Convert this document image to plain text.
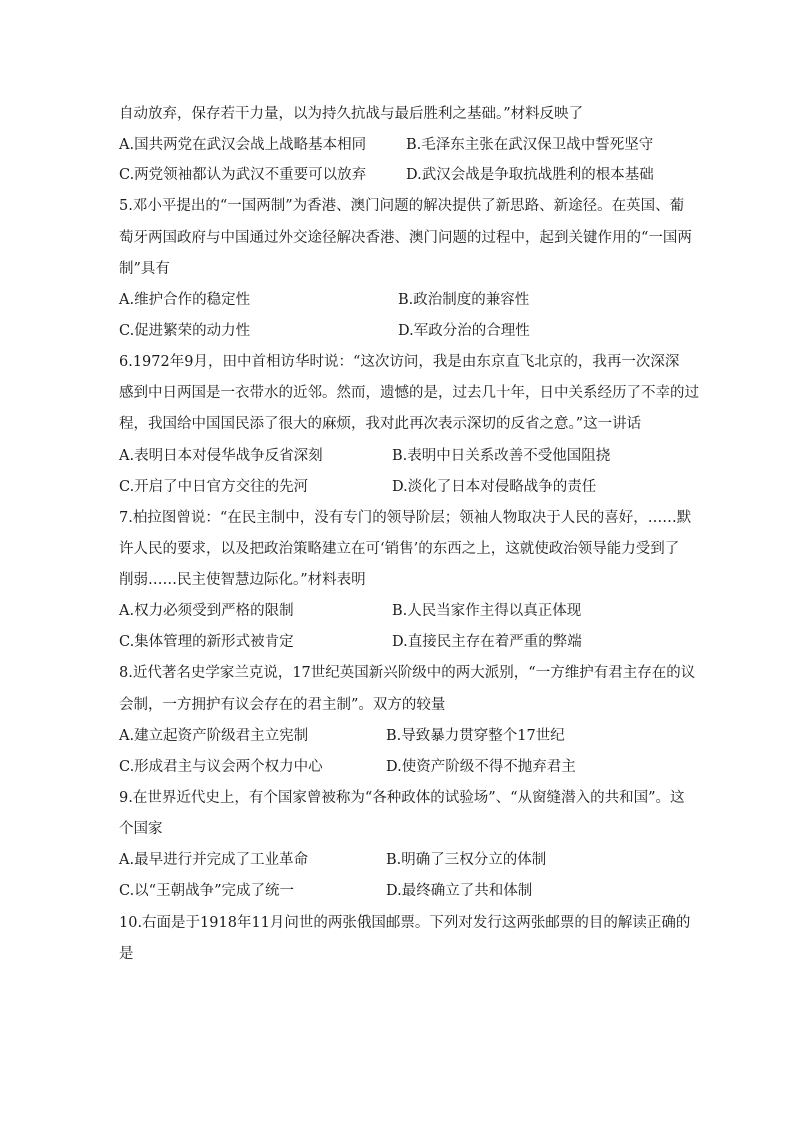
自动放弃，保存若干力量，以为持久抗战与最后胜利之基础。”材料反映了
A.国共两党在武汉会战上战略基本相同	B.毛泽东主张在武汉保卫战中誓死坚守
C.两党领袖都认为武汉不重要可以放弃	D.武汉会战是争取抗战胜利的根本基础
5.邓小平提出的“一国两制”为香港、澳门问题的解决提供了新思路、新途径。在英国、葡
萄牙两国政府与中国通过外交途径解决香港、澳门问题的过程中，起到关键作用的“一国两
制”具有
A.维护合作的稳定性	B.政治制度的兼容性
C.促进繁荣的动力性	D.军政分治的合理性
6.1972年9月，田中首相访华时说：“这次访问，我是由东京直飞北京的，我再一次深深
感到中日两国是一衣带水的近邻。然而，遗憾的是，过去几十年，日中关系经历了不幸的过
程，我国给中国国民添了很大的麻烦，我对此再次表示深切的反省之意。”这一讲话
A.表明日本对侵华战争反省深刻	B.表明中日关系改善不受他国阻挠
C.开启了中日官方交往的先河	D.淡化了日本对侵略战争的责任
7.柏拉图曾说：“在民主制中，没有专门的领导阶层；领袖人物取决于人民的喜好，……默
许人民的要求，以及把政治策略建立在可‘销售’的东西之上，这就使政治领导能力受到了
削弱……民主使智慧边际化。”材料表明
A.权力必须受到严格的限制	B.人民当家作主得以真正体现
C.集体管理的新形式被肯定	D.直接民主存在着严重的弊端
8.近代著名史学家兰克说，17世纪英国新兴阶级中的两大派别，“一方维护有君主存在的议
会制，一方拥护有议会存在的君主制”。双方的较量
A.建立起资产阶级君主立宪制	B.导致暴力贯穿整个17世纪
C.形成君主与议会两个权力中心	D.使资产阶级不得不抛弃君主
9.在世界近代史上，有个国家曾被称为“各种政体的试验场”、“从窗缝潜入的共和国”。这
个国家
A.最早进行并完成了工业革命	B.明确了三权分立的体制
C.以“王朝战争”完成了统一	D.最终确立了共和体制
10.右面是于1918年11月问世的两张俄国邮票。下列对发行这两张邮票的目的解读正确的
是
